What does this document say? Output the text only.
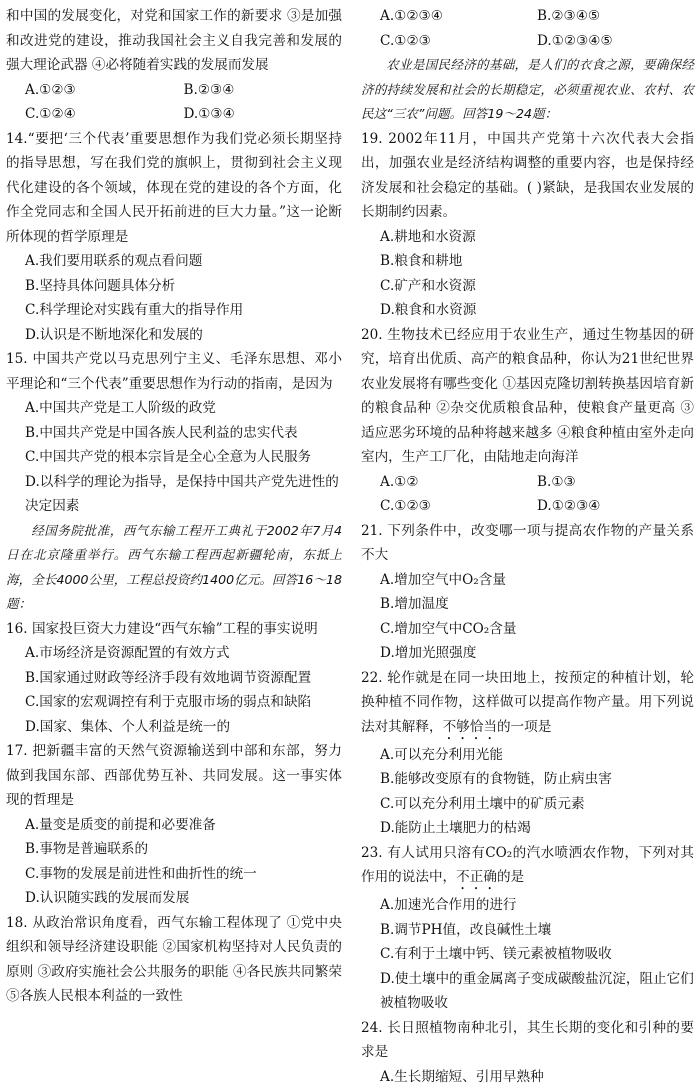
和中国的发展变化，对党和国家工作的新要求 ③是加强和改进党的建设，推动我国社会主义自我完善和发展的强大理论武器 ④必将随着实践的发展而发展

A.①②③	B.②③④
C.①②④	D.①③④

14.“要把‘三个代表’重要思想作为我们党必须长期坚持的指导思想，写在我们党的旗帜上，贯彻到社会主义现代化建设的各个领域，体现在党的建设的各个方面，化作全党同志和全国人民开拓前进的巨大力量。”这一论断所体现的哲学原理是

A.我们要用联系的观点看问题

B.坚持具体问题具体分析

C.科学理论对实践有重大的指导作用

D.认识是不断地深化和发展的

15. 中国共产党以马克思列宁主义、毛泽东思想、邓小平理论和“三个代表”重要思想作为行动的指南，是因为

A.中国共产党是工人阶级的政党

B.中国共产党是中国各族人民利益的忠实代表

C.中国共产党的根本宗旨是全心全意为人民服务

D.以科学的理论为指导，是保持中国共产党先进性的决定因素

经国务院批准，西气东输工程开工典礼于2002年7月4日在北京隆重举行。西气东输工程西起新疆轮南，东抵上海，全长4000公里，工程总投资约1400亿元。回答16～18题：

16. 国家投巨资大力建设“西气东输”工程的事实说明

A.市场经济是资源配置的有效方式

B.国家通过财政等经济手段有效地调节资源配置

C.国家的宏观调控有利于克服市场的弱点和缺陷

D.国家、集体、个人利益是统一的

17. 把新疆丰富的天然气资源输送到中部和东部，努力做到我国东部、西部优势互补、共同发展。这一事实体现的哲理是

A.量变是质变的前提和必要准备

B.事物是普遍联系的

C.事物的发展是前进性和曲折性的统一

D.认识随实践的发展而发展

18. 从政治常识角度看，西气东输工程体现了 ①党中央组织和领导经济建设职能 ②国家机构坚持对人民负责的原则 ③政府实施社会公共服务的职能 ④各民族共同繁荣 ⑤各族人民根本利益的一致性

A.①②③④	B.②③④⑤
C.①②③	D.①②③④⑤

农业是国民经济的基础，是人们的衣食之源，要确保经济的持续发展和社会的长期稳定，必须重视农业、农村、农民这“三农”问题。回答19～24题：

19. 2002年11月，中国共产党第十六次代表大会指出，加强农业是经济结构调整的重要内容，也是保持经济发展和社会稳定的基础。( )紧缺，是我国农业发展的长期制约因素。

A.耕地和水资源

B.粮食和耕地

C.矿产和水资源

D.粮食和水资源

20. 生物技术已经应用于农业生产，通过生物基因的研究，培育出优质、高产的粮食品种，你认为21世纪世界农业发展将有哪些变化 ①基因克隆切割转换基因培育新的粮食品种 ②杂交优质粮食品种，使粮食产量更高 ③适应恶劣环境的品种将越来越多 ④粮食种植由室外走向室内，生产工厂化，由陆地走向海洋

A.①②	B.①③
C.①②③	D.①②③④

21. 下列条件中，改变哪一项与提高农作物的产量关系不大

A.增加空气中O₂含量

B.增加温度

C.增加空气中CO₂含量

D.增加光照强度

22. 轮作就是在同一块田地上，按预定的种植计划，轮换种植不同作物，这样做可以提高作物产量。用下列说法对其解释，不够恰当的一项是

A.可以充分利用光能

B.能够改变原有的食物链，防止病虫害

C.可以充分利用土壤中的矿质元素

D.能防止土壤肥力的枯竭

23. 有人试用只溶有CO₂的汽水喷洒农作物，下列对其作用的说法中，不正确的是

A.加速光合作用的进行

B.调节PH值，改良碱性土壤

C.有利于土壤中钙、镁元素被植物吸收

D.使土壤中的重金属离子变成碳酸盐沉淀，阻止它们被植物吸收

24. 长日照植物南种北引，其生长期的变化和引种的要求是

A.生长期缩短、引用早熟种
